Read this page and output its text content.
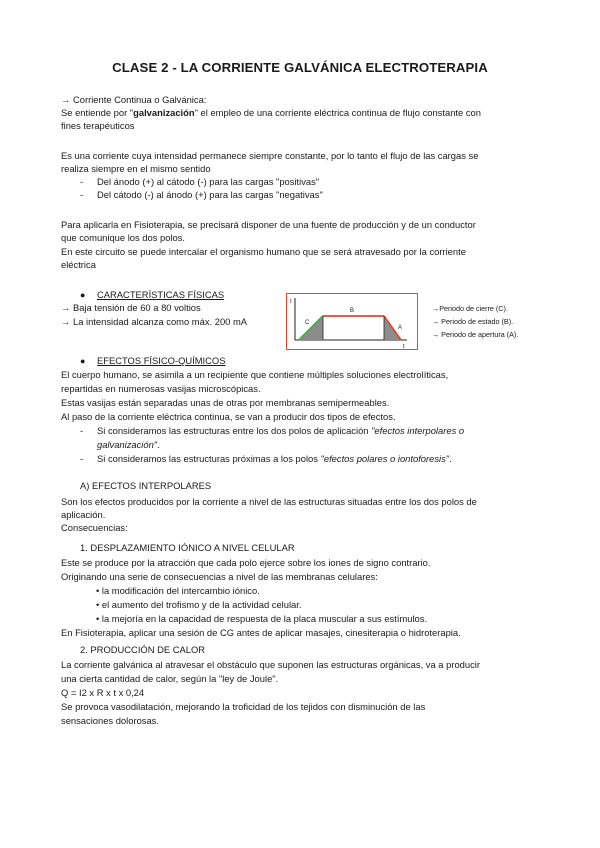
CLASE 2 - LA CORRIENTE GALVÁNICA ELECTROTERAPIA
→ Corriente Continua o Galvánica:
Se entiende por "galvanización" el empleo de una corriente eléctrica continua de flujo constante con
fines terapéuticos
Es una corriente cuya intensidad permanece siempre constante, por lo tanto el flujo de las cargas se
realiza siempre en el mismo sentido
- Del ánodo (+) al cátodo (-) para las cargas "positivas"
- Del cátodo (-) al ánodo (+) para las cargas "negativas"
Para aplicarla en Fisioterapia, se precisará disponer de una fuente de producción y de un conductor
que comunique los dos polos.
En este circuito se puede intercalar el organismo humano que se será atravesado por la corriente
eléctrica
● CARACTERÍSTICAS FÍSICAS
→ Baja tensión de 60 a 80 voltios
→ La intensidad alcanza como máx. 200 mA
I
t
C
B
A
→Periodo de cierre (C).
→ Periodo de estado (B).
→ Periodo de apertura (A).
● EFECTOS FÍSICO-QUÍMICOS
El cuerpo humano, se asimila a un recipiente que contiene múltiples soluciones electrolíticas,
repartidas en numerosas vasijas microscópicas.
Estas vasijas están separadas unas de otras por membranas semipermeables.
Al paso de la corriente eléctrica continua, se van a producir dos tipos de efectos.
- Si consideramos las estructuras entre los dos polos de aplicación "efectos interpolares o
galvanización".
- Si consideramos las estructuras próximas a los polos "efectos polares o iontoforesis".
A) EFECTOS INTERPOLARES
Son los efectos producidos por la corriente a nivel de las estructuras situadas entre los dos polos de
aplicación.
Consecuencias:
1. DESPLAZAMIENTO IÓNICO A NIVEL CELULAR
Este se produce por la atracción que cada polo ejerce sobre los iones de signo contrario.
Originando una serie de consecuencias a nivel de las membranas celulares:
• la modificación del intercambio iónico.
• el aumento del trofismo y de la actividad celular.
• la mejoría en la capacidad de respuesta de la placa muscular a sus estímulos.
En Fisioterapia, aplicar una sesión de CG antes de aplicar masajes, cinesiterapia o hidroterapia.
2. PRODUCCIÓN DE CALOR
La corriente galvánica al atravesar el obstáculo que suponen las estructuras orgánicas, va a producir
una cierta cantidad de calor, según la "ley de Joule".
Q = I2 x R x t x 0,24
Se provoca vasodilatación, mejorando la troficidad de los tejidos con disminución de las
sensaciones dolorosas.
